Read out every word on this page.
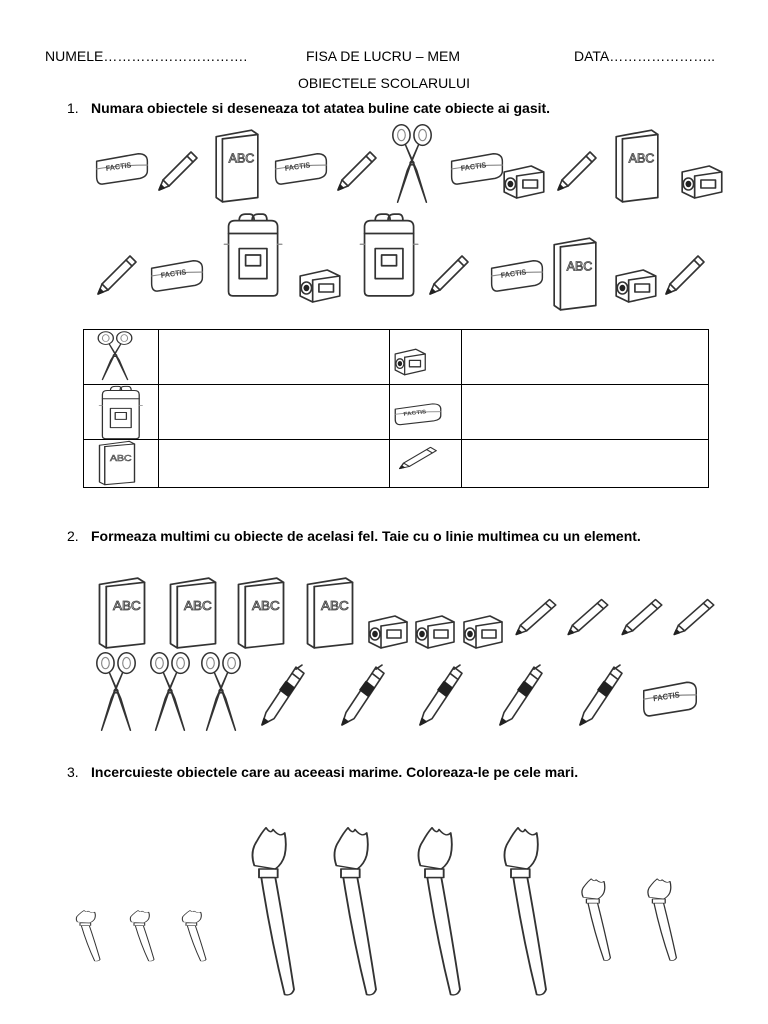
NUMELE………………………….	FISA DE LUCRU – MEM	DATA…………………..
OBIECTELE SCOLARULUI
1. Numara obiectele si deseneaza tot atatea buline cate obiecte ai gasit.
FACTIS
ABC
FACTIS	FACTIS
ABC
FACTIS	FACTIS	ABC
FACTIS
ABC
2. Formeaza multimi cu obiecte de acelasi fel. Taie cu o linie multimea cu un element.
ABC	ABC	ABC	ABC
FACTIS
3. Incercuieste obiectele care au aceeasi marime. Coloreaza-le pe cele mari.
